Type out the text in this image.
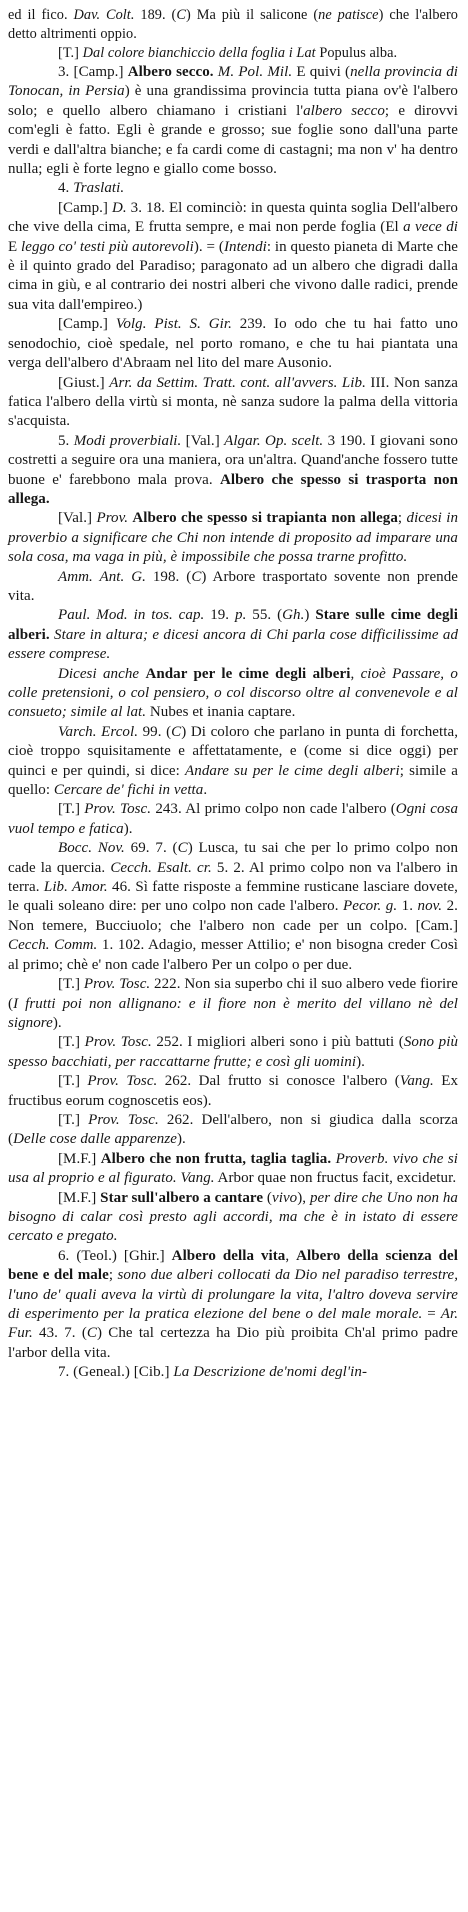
ed il fico. Dav. Colt. 189. (C) Ma più il salicone (ne patisce) che l'albero detto altrimenti oppio.

[T.] Dal colore bianchiccio della foglia i Lat Populus alba.

3. [Camp.] Albero secco. M. Pol. Mil. E quivi (nella provincia di Tonocan, in Persia) è una grandissima provincia tutta piana ov'è l'albero solo; e quello albero chiamano i cristiani l'albero secco; e dirovvi com'egli è fatto. Egli è grande e grosso; sue foglie sono dall'una parte verdi e dall'altra bianche; e fa cardi come di castagni; ma non v' ha dentro nulla; egli è forte legno e giallo come bosso.

4. Traslati.

[Camp.] D. 3. 18. El cominciò: in questa quinta soglia Dell'albero che vive della cima, E frutta sempre, e mai non perde foglia (El a vece di E leggo co' testi più autorevoli). = (Intendi: in questo pianeta di Marte che è il quinto grado del Paradiso; paragonato ad un albero che digradi dalla cima in giù, e al contrario dei nostri alberi che vivono dalle radici, prende sua vita dall'empireo.)

[Camp.] Volg. Pist. S. Gir. 239. Io odo che tu hai fatto uno senodochio, cioè spedale, nel porto romano, e che tu hai piantata una verga dell'albero d'Abraam nel lito del mare Ausonio.

[Giust.] Arr. da Settim. Tratt. cont. all'avvers. Lib. III. Non sanza fatica l'albero della virtù si monta, nè sanza sudore la palma della vittoria s'acquista.

5. Modi proverbiali. [Val.] Algar. Op. scelt. 3 190. I giovani sono costretti a seguire ora una maniera, ora un'altra. Quand'anche fossero tutte buone e' farebbono mala prova. Albero che spesso si trasporta non allega.

[Val.] Prov. Albero che spesso si trapianta non allega; dicesi in proverbio a significare che Chi non intende di proposito ad imparare una sola cosa, ma vaga in più, è impossibile che possa trarne profitto.

Amm. Ant. G. 198. (C) Arbore trasportato sovente non prende vita.

Paul. Mod. in tos. cap. 19. p. 55. (Gh.) Stare sulle cime degli alberi. Stare in altura; e dicesi ancora di Chi parla cose difficilissime ad essere comprese.

Dicesi anche Andar per le cime degli alberi, cioè Passare, o colle pretensioni, o col pensiero, o col discorso oltre al convenevole e al consueto; simile al lat. Nubes et inania captare.

Varch. Ercol. 99. (C) Di coloro che parlano in punta di forchetta, cioè troppo squisitamente e affettatamente, e (come si dice oggi) per quinci e per quindi, si dice: Andare su per le cime degli alberi; simile a quello: Cercare de' fichi in vetta.

[T.] Prov. Tosc. 243. Al primo colpo non cade l'albero (Ogni cosa vuol tempo e fatica).

Bocc. Nov. 69. 7. (C) Lusca, tu sai che per lo primo colpo non cade la quercia. Cecch. Esalt. cr. 5. 2. Al primo colpo non va l'albero in terra. Lib. Amor. 46. Sì fatte risposte a femmine rusticane lasciare dovete, le quali soleano dire: per uno colpo non cade l'albero. Pecor. g. 1. nov. 2. Non temere, Bucciuolo; che l'albero non cade per un colpo. [Cam.] Cecch. Comm. 1. 102. Adagio, messer Attilio; e' non bisogna creder Così al primo; chè e' non cade l'albero Per un colpo o per due.

[T.] Prov. Tosc. 222. Non sia superbo chi il suo albero vede fiorire (I frutti poi non allignano: e il fiore non è merito del villano nè del signore).

[T.] Prov. Tosc. 252. I migliori alberi sono i più battuti (Sono più spesso bacchiati, per raccattarne frutte; e così gli uomini).

[T.] Prov. Tosc. 262. Dal frutto si conosce l'albero (Vang. Ex fructibus eorum cognoscetis eos).

[T.] Prov. Tosc. 262. Dell'albero, non si giudica dalla scorza (Delle cose dalle apparenze).

[M.F.] Albero che non frutta, taglia taglia. Proverb. vivo che si usa al proprio e al figurato. Vang. Arbor quae non fructus facit, excidetur.

[M.F.] Star sull'albero a cantare (vivo), per dire che Uno non ha bisogno di calar così presto agli accordi, ma che è in istato di essere cercato e pregato.

6. (Teol.) [Ghir.] Albero della vita, Albero della scienza del bene e del male; sono due alberi collocati da Dio nel paradiso terrestre, l'uno de' quali aveva la virtù di prolungare la vita, l'altro doveva servire di esperimento per la pratica elezione del bene o del male morale. = Ar. Fur. 43. 7. (C) Che tal certezza ha Dio più proibita Ch'al primo padre l'arbor della vita.

7. (Geneal.) [Cib.] La Descrizione de'nomi degl'in-
